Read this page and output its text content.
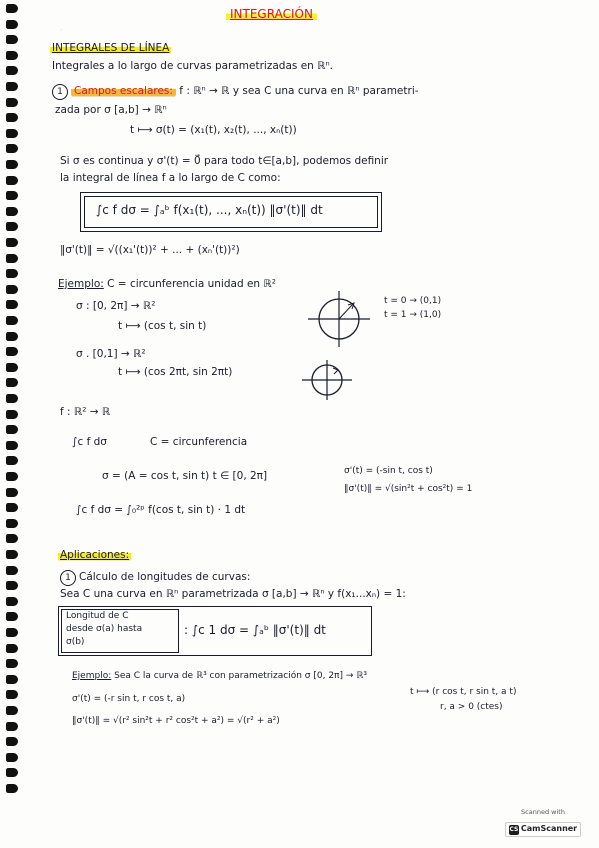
·
INTEGRACIÓN
INTEGRALES DE LÍNEA
Integrales a lo largo de curvas parametrizadas en ℝⁿ.
1 Campos escalares: f : ℝⁿ → ℝ y sea C una curva en ℝⁿ parametri-
zada por σ [a,b] → ℝⁿ
t ⟼ σ(t) = (x₁(t), x₂(t), ..., xₙ(t))
Si σ es continua y σ'(t) = 0⃗ para todo t∈[a,b], podemos definir
la integral de línea f a lo largo de C como:
∫c f dσ = ∫ₐᵇ f(x₁(t), ..., xₙ(t)) ‖σ'(t)‖ dt
‖σ'(t)‖ = √((x₁'(t))² + ... + (xₙ'(t))²)
Ejemplo: C = circunferencia unidad en ℝ²
σ : [0, 2π] → ℝ²
t ⟼ (cos t, sin t)
t = 0 → (0,1)
t = 1 → (1,0)
σ . [0,1] → ℝ²
t ⟼ (cos 2πt, sin 2πt)
f : ℝ² → ℝ
∫c f dσ	C = circunferencia
σ = (A = cos t, sin t) t ∈ [0, 2π]	σ'(t) = (-sin t, cos t)
‖σ'(t)‖ = √(sin²t + cos²t) = 1
∫c f dσ = ∫₀²ᵖ f(cos t, sin t) · 1 dt
Aplicaciones:
1 Cálculo de longitudes de curvas:
Sea C una curva en ℝⁿ parametrizada σ [a,b] → ℝⁿ y f(x₁...xₙ) = 1:
Longitud de C
desde σ(a) hasta
σ(b)
: ∫c 1 dσ = ∫ₐᵇ ‖σ'(t)‖ dt
Ejemplo: Sea C la curva de ℝ³ con parametrización σ [0, 2π] → ℝ³
t ⟼ (r cos t, r sin t, a t)
r, a > 0 (ctes)
σ'(t) = (-r sin t, r cos t, a)
‖σ'(t)‖ = √(r² sin²t + r² cos²t + a²) = √(r² + a²)
Scanned with
CS CamScanner
